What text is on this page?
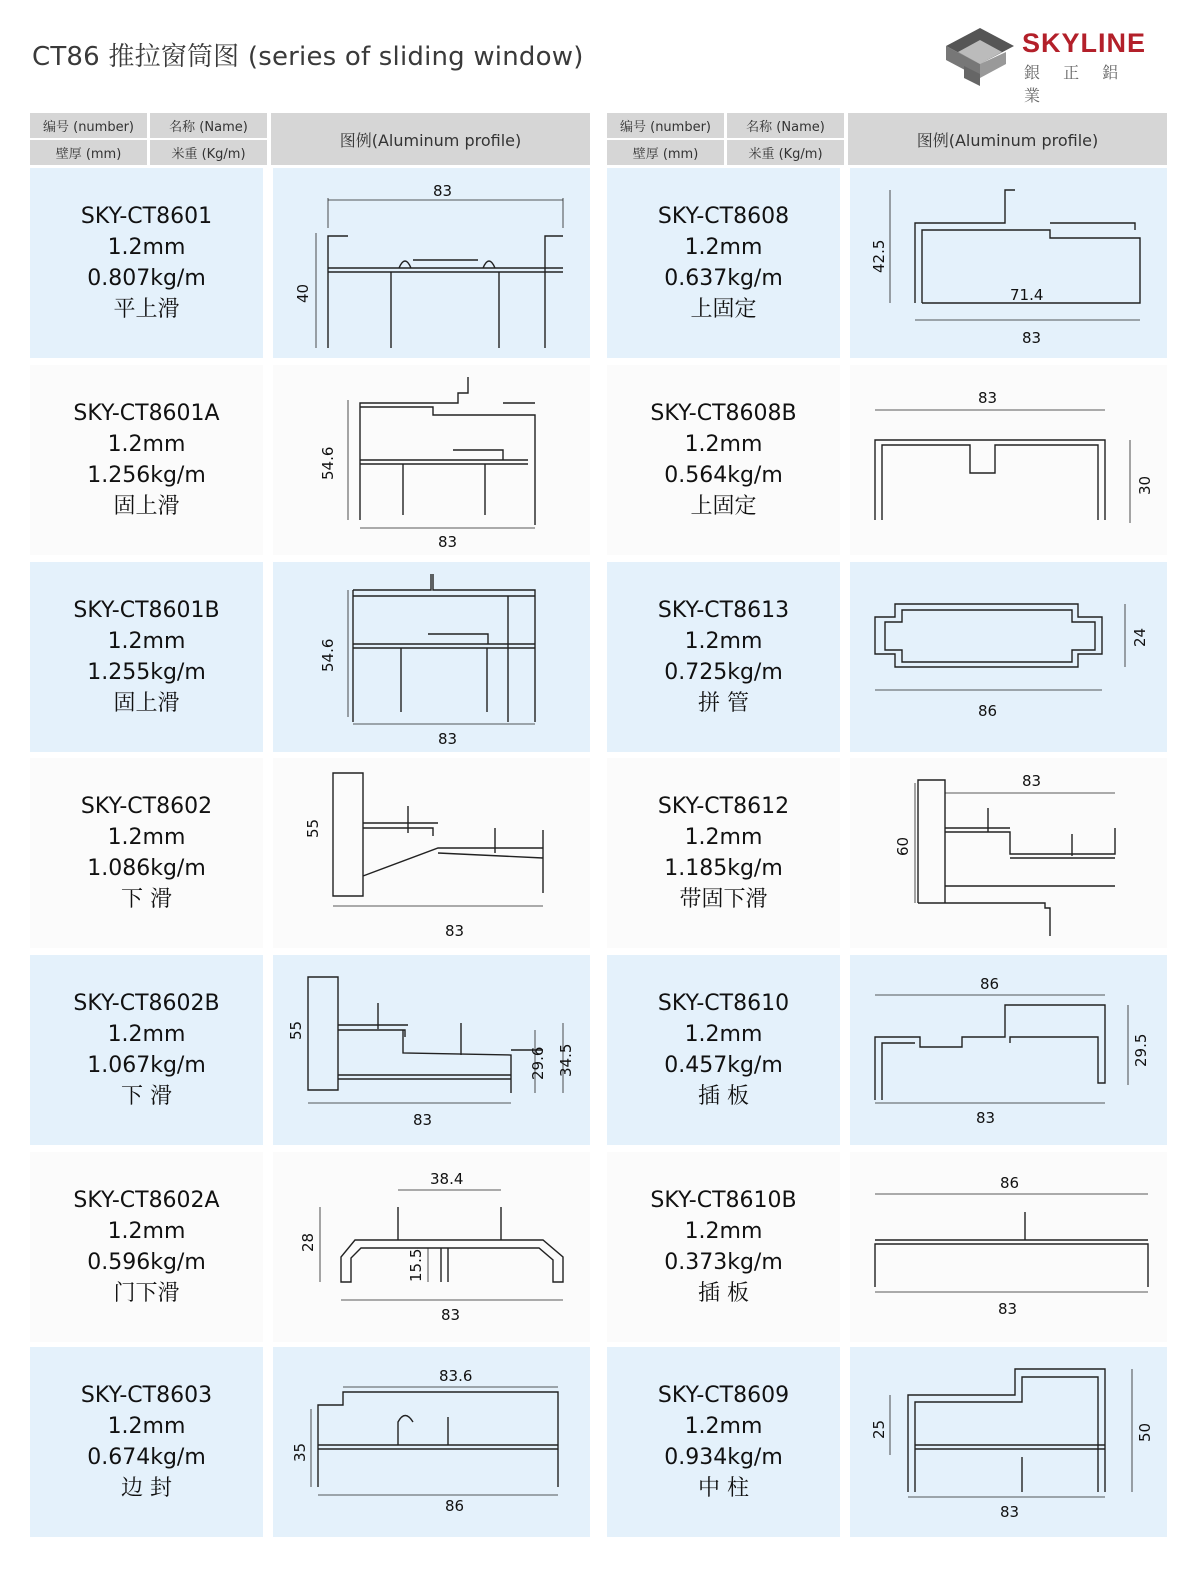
CT86 推拉窗筒图 (series of sliding window)	SKYLINE
銀 正 鋁 業
编号 (number)	名称 (Name)
壁厚 (mm)	米重 (Kg/m)
图例(Aluminum profile)
编号 (number)	名称 (Name)
壁厚 (mm)	米重 (Kg/m)
图例(Aluminum profile)
SKY-CT8601
1.2mm
0.807kg/m
平上滑
83
40
SKY-CT8601A
1.2mm
1.256kg/m
固上滑
54.6
83
SKY-CT8601B
1.2mm
1.255kg/m
固上滑
54.6
83
SKY-CT8602
1.2mm
1.086kg/m
下 滑
55
83
SKY-CT8602B
1.2mm
1.067kg/m
下 滑
55
29.6 34.5
83
SKY-CT8602A
1.2mm
0.596kg/m
门下滑
38.4
28
15.5
83
SKY-CT8603
1.2mm
0.674kg/m
边 封
83.6
35
86
SKY-CT8608
1.2mm
0.637kg/m
上固定
42.5
71.4
83
SKY-CT8608B
1.2mm
0.564kg/m
上固定
83
30
SKY-CT8613
1.2mm
0.725kg/m
拼 管
24
86
SKY-CT8612
1.2mm
1.185kg/m
带固下滑
83
60
SKY-CT8610
1.2mm
0.457kg/m
插 板
86
29.5
83
SKY-CT8610B
1.2mm
0.373kg/m
插 板
86
83
SKY-CT8609
1.2mm
0.934kg/m
中 柱
25	50
83
